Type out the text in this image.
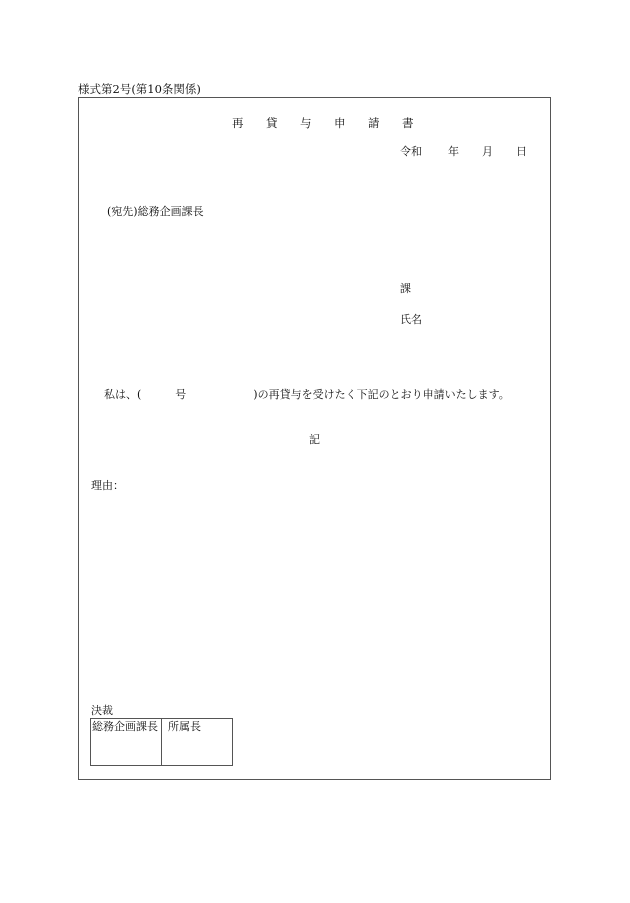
様式第2号(第10条関係)
再 貸 与 申 請 書
令和 年 月 日
(宛先)総務企画課長
課
氏名
私は、(	号	)の再貸与を受けたく下記のとおり申請いたします。
記
理由：
決裁
総務企画課長	所属長
